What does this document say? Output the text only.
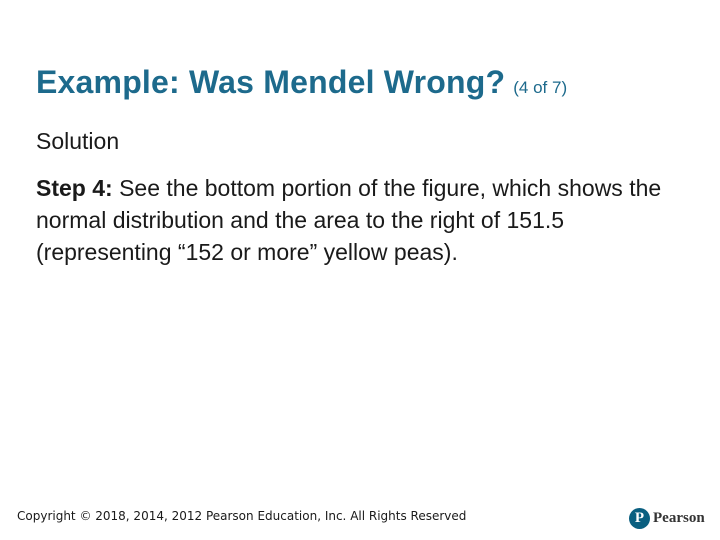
Example: Was Mendel Wrong? (4 of 7)
Solution
Step 4: See the bottom portion of the figure, which shows the normal distribution and the area to the right of 151.5 (representing “152 or more” yellow peas).
Copyright © 2018, 2014, 2012 Pearson Education, Inc. All Rights Reserved	P Pearson
